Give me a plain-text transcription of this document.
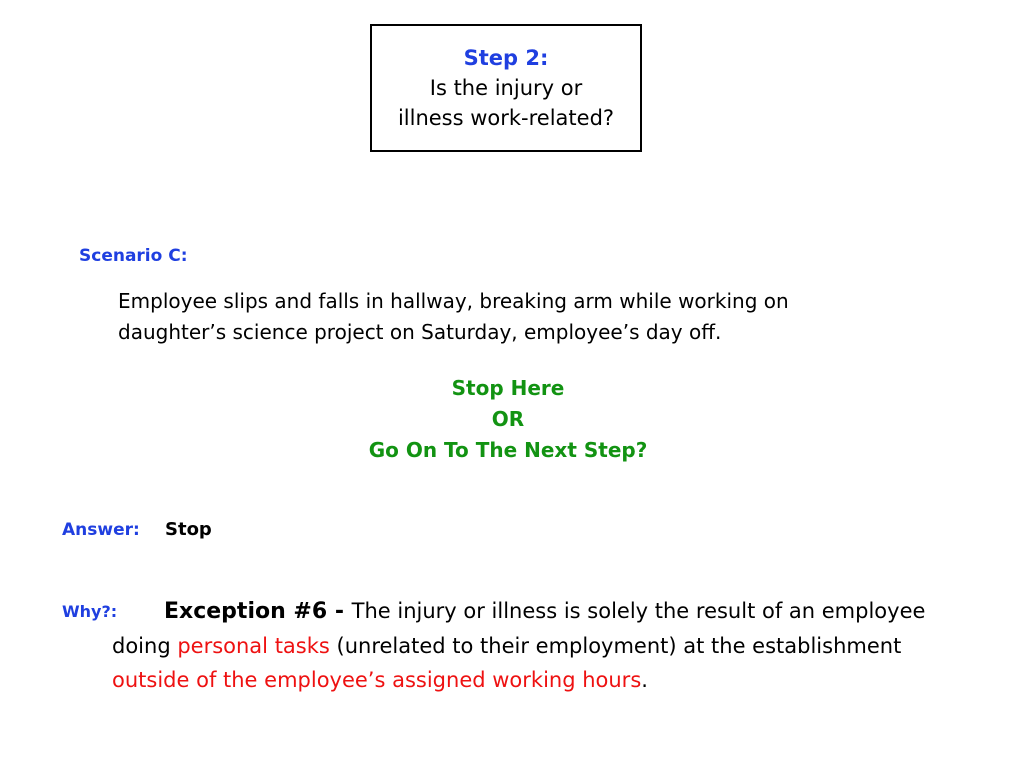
Step 2:
Is the injury or
illness work-related?
Scenario C:
Employee slips and falls in hallway, breaking arm while working on
daughter’s science project on Saturday, employee’s day off.
Stop Here
OR
Go On To The Next Step?
Answer: Stop
Why?:	Exception #6 - The injury or illness is solely the result of an employee doing personal tasks (unrelated to their employment) at the establishment outside of the employee’s assigned working hours.
